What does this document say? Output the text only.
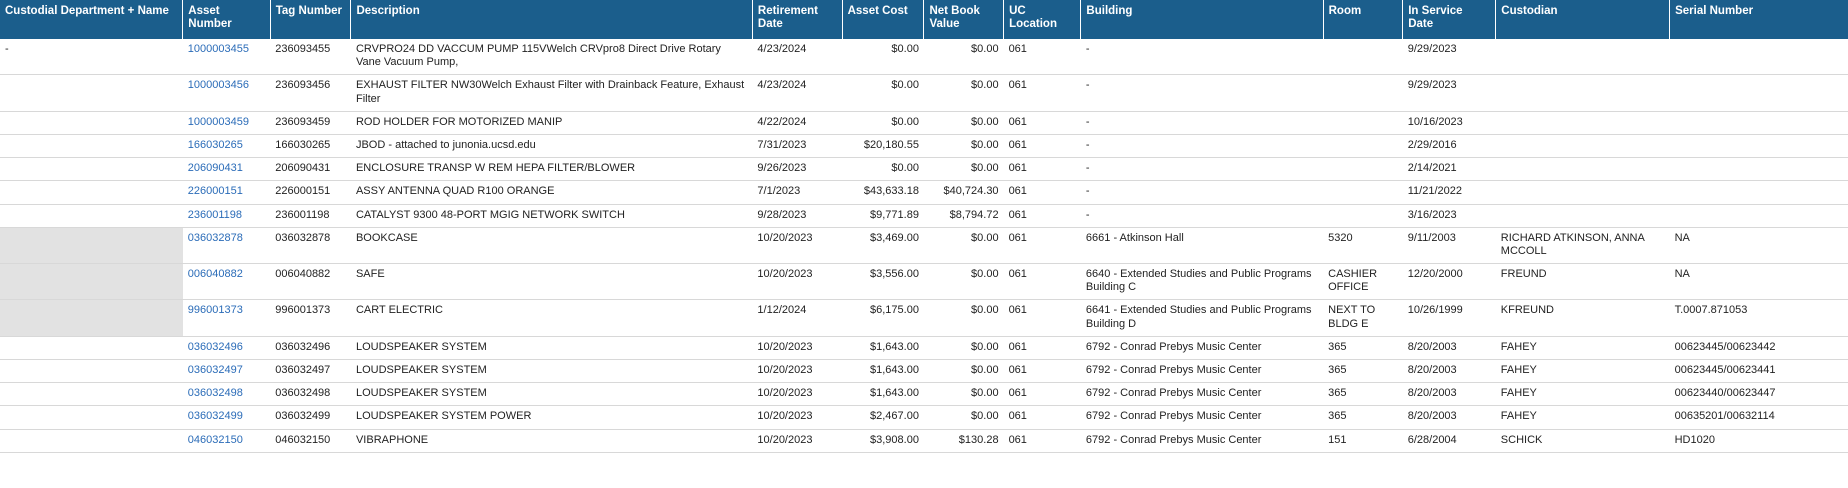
Custodial Department + Name	Asset Number	Tag Number	Description	Retirement Date	Asset Cost	Net Book Value	UC Location	Building	Room	In Service Date	Custodian	Serial Number
-	1000003455	236093455	CRVPRO24 DD VACCUM PUMP 115VWelch CRVpro8 Direct Drive Rotary Vane Vacuum Pump,	4/23/2024	$0.00	$0.00	061	-		9/29/2023		
	1000003456	236093456	EXHAUST FILTER NW30Welch Exhaust Filter with Drainback Feature, Exhaust Filter	4/23/2024	$0.00	$0.00	061	-		9/29/2023		
	1000003459	236093459	ROD HOLDER FOR MOTORIZED MANIP	4/22/2024	$0.00	$0.00	061	-		10/16/2023		
	166030265	166030265	JBOD - attached to junonia.ucsd.edu	7/31/2023	$20,180.55	$0.00	061	-		2/29/2016		
	206090431	206090431	ENCLOSURE TRANSP W REM HEPA FILTER/BLOWER	9/26/2023	$0.00	$0.00	061	-		2/14/2021		
	226000151	226000151	ASSY ANTENNA QUAD R100 ORANGE	7/1/2023	$43,633.18	$40,724.30	061	-		11/21/2022		
	236001198	236001198	CATALYST 9300 48-PORT MGIG NETWORK SWITCH	9/28/2023	$9,771.89	$8,794.72	061	-		3/16/2023		
	036032878	036032878	BOOKCASE	10/20/2023	$3,469.00	$0.00	061	6661 - Atkinson Hall	5320	9/11/2003	RICHARD ATKINSON, ANNA MCCOLL	NA
	006040882	006040882	SAFE	10/20/2023	$3,556.00	$0.00	061	6640 - Extended Studies and Public Programs Building C	CASHIER OFFICE	12/20/2000	FREUND	NA
	996001373	996001373	CART ELECTRIC	1/12/2024	$6,175.00	$0.00	061	6641 - Extended Studies and Public Programs Building D	NEXT TO BLDG E	10/26/1999	KFREUND	T.0007.871053
	036032496	036032496	LOUDSPEAKER SYSTEM	10/20/2023	$1,643.00	$0.00	061	6792 - Conrad Prebys Music Center	365	8/20/2003	FAHEY	00623445/00623442
	036032497	036032497	LOUDSPEAKER SYSTEM	10/20/2023	$1,643.00	$0.00	061	6792 - Conrad Prebys Music Center	365	8/20/2003	FAHEY	00623445/00623441
	036032498	036032498	LOUDSPEAKER SYSTEM	10/20/2023	$1,643.00	$0.00	061	6792 - Conrad Prebys Music Center	365	8/20/2003	FAHEY	00623440/00623447
	036032499	036032499	LOUDSPEAKER SYSTEM POWER	10/20/2023	$2,467.00	$0.00	061	6792 - Conrad Prebys Music Center	365	8/20/2003	FAHEY	00635201/00632114
	046032150	046032150	VIBRAPHONE	10/20/2023	$3,908.00	$130.28	061	6792 - Conrad Prebys Music Center	151	6/28/2004	SCHICK	HD1020
